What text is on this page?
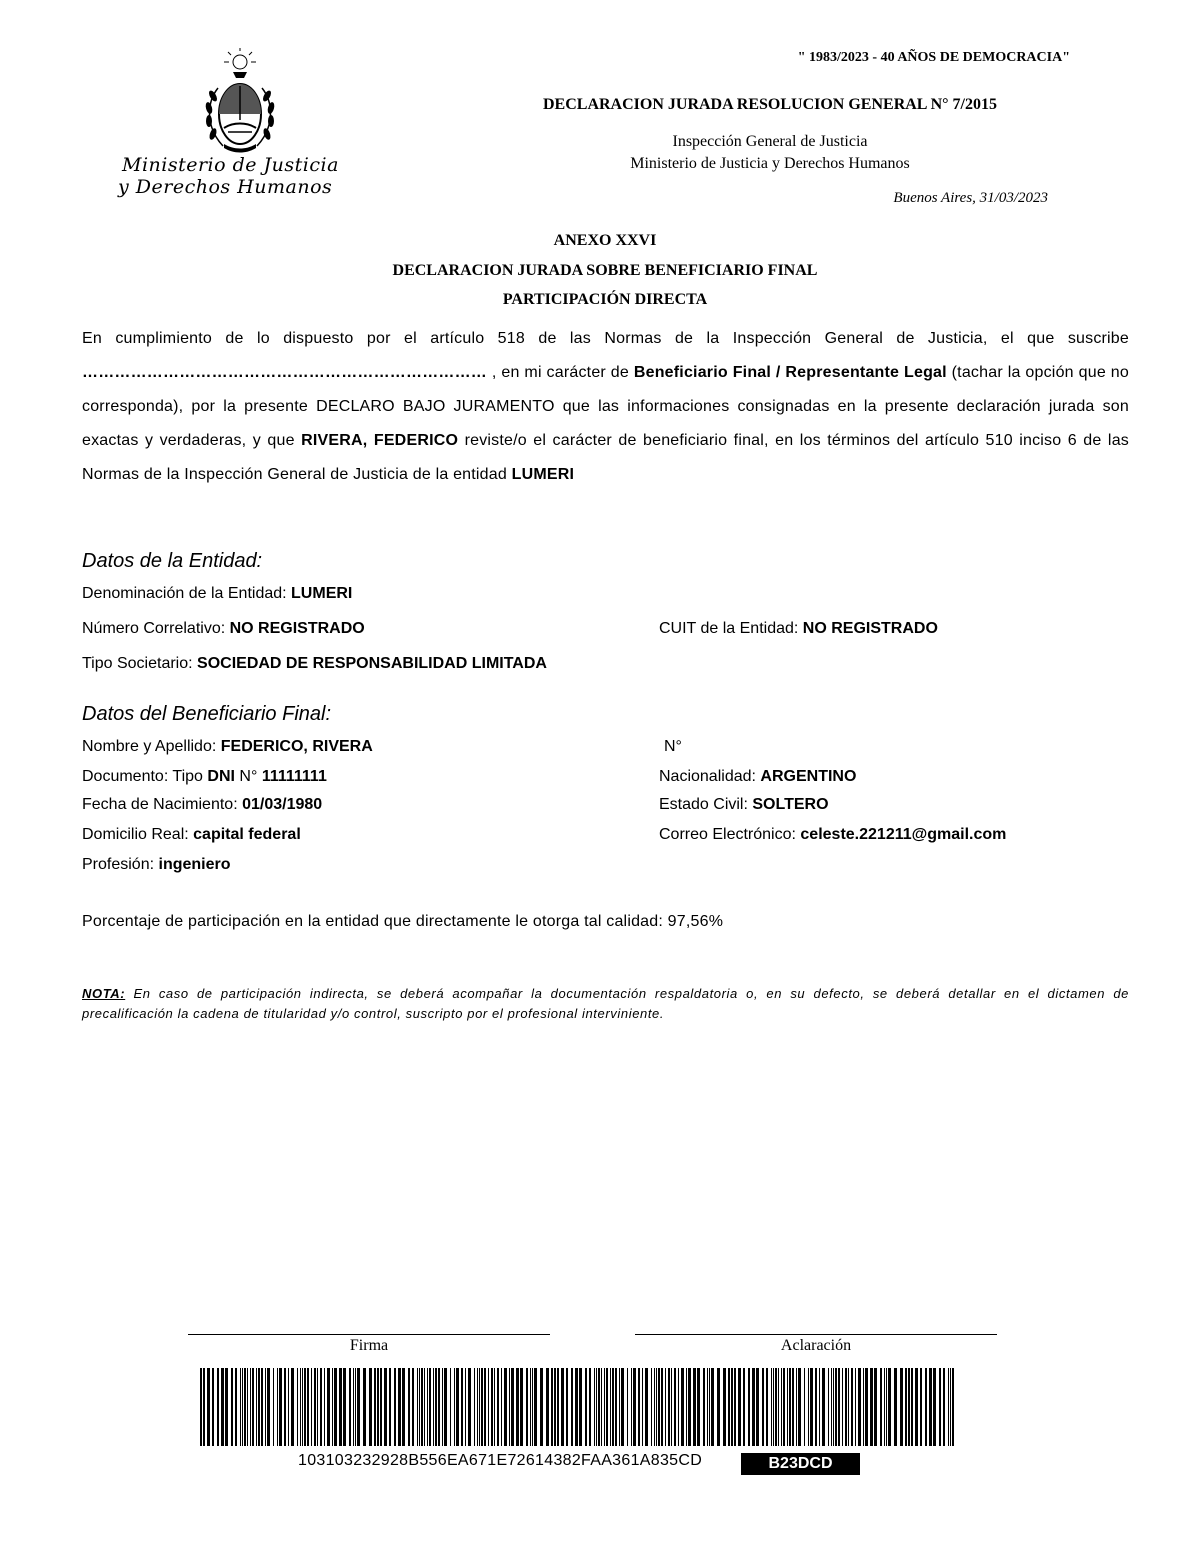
Ministerio de Justicia
y Derechos Humanos
" 1983/2023 - 40 AÑOS DE DEMOCRACIA"
DECLARACION JURADA RESOLUCION GENERAL N° 7/2015
Inspección General de Justicia
Ministerio de Justicia y Derechos Humanos
Buenos Aires, 31/03/2023
ANEXO XXVI
DECLARACION JURADA SOBRE BENEFICIARIO FINAL
PARTICIPACIÓN DIRECTA
En cumplimiento de lo dispuesto por el artículo 518 de las Normas de la Inspección General de Justicia, el que suscribe ………………………………………………………………… , en mi carácter de Beneficiario Final / Representante Legal (tachar la opción que no corresponda), por la presente DECLARO BAJO JURAMENTO que las informaciones consignadas en la presente declaración jurada son exactas y verdaderas, y que RIVERA, FEDERICO reviste/o el carácter de beneficiario final, en los términos del artículo 510 inciso 6 de las Normas de la Inspección General de Justicia de la entidad LUMERI
Datos de la Entidad:
Denominación de la Entidad: LUMERI
Número Correlativo: NO REGISTRADO	CUIT de la Entidad: NO REGISTRADO
Tipo Societario: SOCIEDAD DE RESPONSABILIDAD LIMITADA
Datos del Beneficiario Final:
Nombre y Apellido: FEDERICO, RIVERA	N°
Documento: Tipo DNI N° 11111111	Nacionalidad: ARGENTINO
Fecha de Nacimiento: 01/03/1980	Estado Civil: SOLTERO
Domicilio Real: capital federal	Correo Electrónico: celeste.221211@gmail.com
Profesión: ingeniero
Porcentaje de participación en la entidad que directamente le otorga tal calidad: 97,56%
NOTA: En caso de participación indirecta, se deberá acompañar la documentación respaldatoria o, en su defecto, se deberá detallar en el dictamen de precalificación la cadena de titularidad y/o control, suscripto por el profesional interviniente.
Firma	Aclaración
103103232928B556EA671E72614382FAA361A835CD	B23DCD
